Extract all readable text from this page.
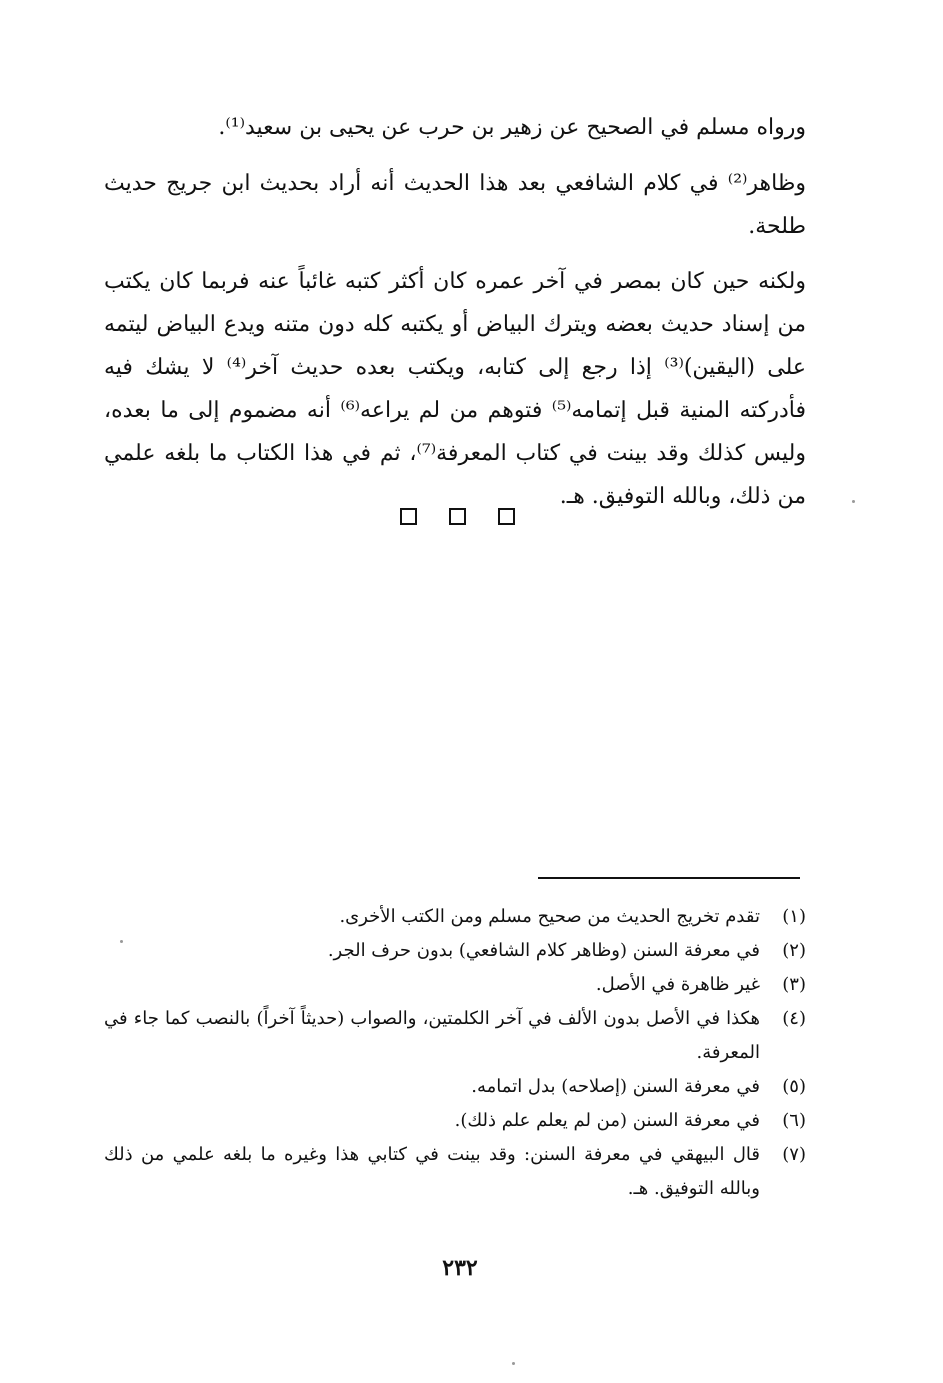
ورواه مسلم في الصحيح عن زهير بن حرب عن يحيى بن سعيد⁽¹⁾.

وظاهر⁽²⁾ في كلام الشافعي بعد هذا الحديث أنه أراد بحديث ابن جريج حديث طلحة.

ولكنه حين كان بمصر في آخر عمره كان أكثر كتبه غائباً عنه فربما كان يكتب من إسناد حديث بعضه ويترك البياض أو يكتبه كله دون متنه ويدع البياض ليتمه على (اليقين)⁽³⁾ إذا رجع إلى كتابه، ويكتب بعده حديث آخر⁽⁴⁾ لا يشك فيه فأدركته المنية قبل إتمامه⁽⁵⁾ فتوهم من لم يراعه⁽⁶⁾ أنه مضموم إلى ما بعده، وليس كذلك وقد بينت في كتاب المعرفة⁽⁷⁾، ثم في هذا الكتاب ما بلغه علمي من ذلك، وبالله التوفيق. هـ.

(١)
تقدم تخريج الحديث من صحيح مسلم ومن الكتب الأخرى.
(٢)
في معرفة السنن (وظاهر كلام الشافعي) بدون حرف الجر.
(٣)
غير ظاهرة في الأصل.
(٤)
هكذا في الأصل بدون الألف في آخر الكلمتين، والصواب (حديثاً آخراً) بالنصب كما جاء في المعرفة.
(٥)
في معرفة السنن (إصلاحه) بدل اتمامه.
(٦)
في معرفة السنن (من لم يعلم علم ذلك).
(٧)
قال البيهقي في معرفة السنن: وقد بينت في كتابي هذا وغيره ما بلغه علمي من ذلك وبالله التوفيق. هـ.
٢٣٢
